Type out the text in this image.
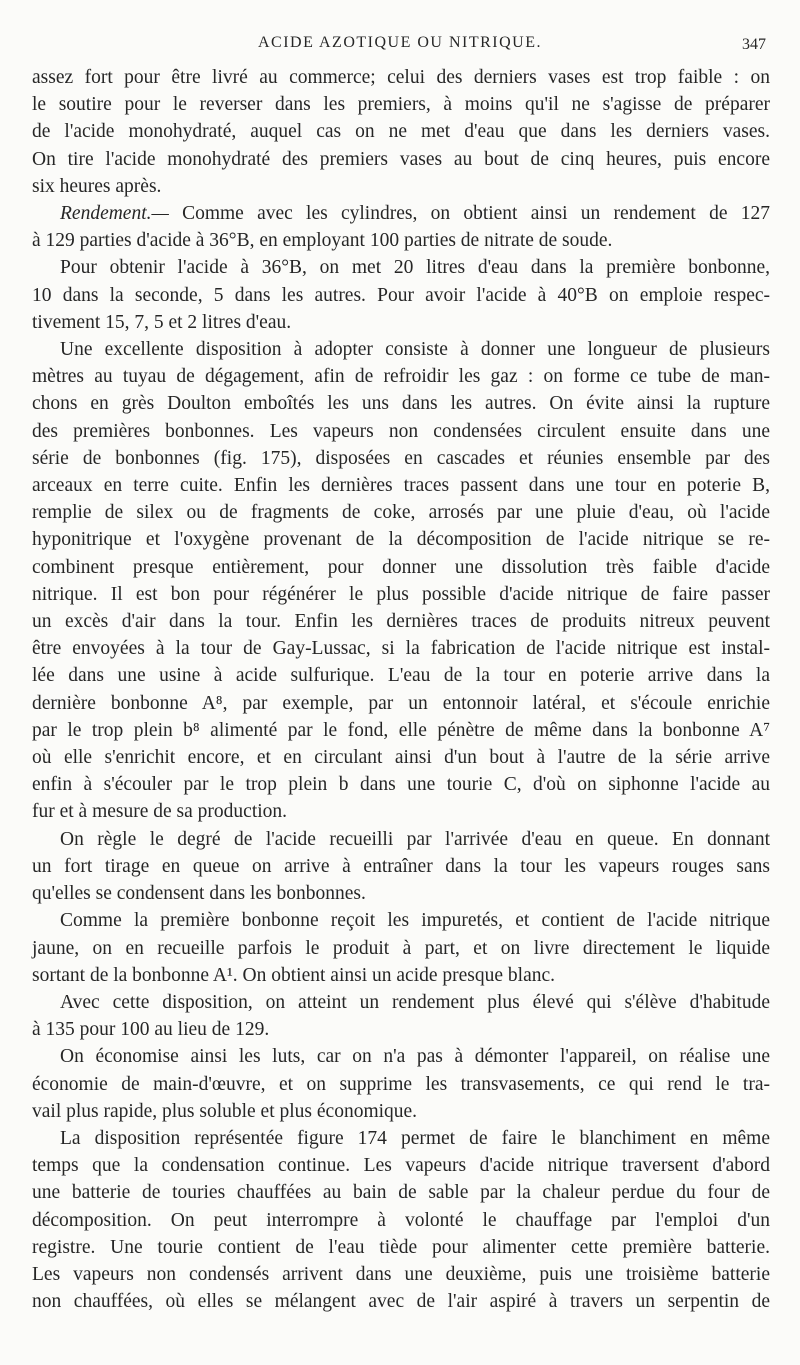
ACIDE AZOTIQUE OU NITRIQUE.	347
assez fort pour être livré au commerce; celui des derniers vases est trop faible : on
le soutire pour le reverser dans les premiers, à moins qu'il ne s'agisse de préparer
de l'acide monohydraté, auquel cas on ne met d'eau que dans les derniers vases.
On tire l'acide monohydraté des premiers vases au bout de cinq heures, puis encore
six heures après.
Rendement.— Comme avec les cylindres, on obtient ainsi un rendement de 127
à 129 parties d'acide à 36°B, en employant 100 parties de nitrate de soude.
Pour obtenir l'acide à 36°B, on met 20 litres d'eau dans la première bonbonne,
10 dans la seconde, 5 dans les autres. Pour avoir l'acide à 40°B on emploie respec-
tivement 15, 7, 5 et 2 litres d'eau.
Une excellente disposition à adopter consiste à donner une longueur de plusieurs
mètres au tuyau de dégagement, afin de refroidir les gaz : on forme ce tube de man-
chons en grès Doulton emboîtés les uns dans les autres. On évite ainsi la rupture
des premières bonbonnes. Les vapeurs non condensées circulent ensuite dans une
série de bonbonnes (fig. 175), disposées en cascades et réunies ensemble par des
arceaux en terre cuite. Enfin les dernières traces passent dans une tour en poterie B,
remplie de silex ou de fragments de coke, arrosés par une pluie d'eau, où l'acide
hyponitrique et l'oxygène provenant de la décomposition de l'acide nitrique se re-
combinent presque entièrement, pour donner une dissolution très faible d'acide
nitrique. Il est bon pour régénérer le plus possible d'acide nitrique de faire passer
un excès d'air dans la tour. Enfin les dernières traces de produits nitreux peuvent
être envoyées à la tour de Gay-Lussac, si la fabrication de l'acide nitrique est instal-
lée dans une usine à acide sulfurique. L'eau de la tour en poterie arrive dans la
dernière bonbonne A⁸, par exemple, par un entonnoir latéral, et s'écoule enrichie
par le trop plein b⁸ alimenté par le fond, elle pénètre de même dans la bonbonne A⁷
où elle s'enrichit encore, et en circulant ainsi d'un bout à l'autre de la série arrive
enfin à s'écouler par le trop plein b dans une tourie C, d'où on siphonne l'acide au
fur et à mesure de sa production.
On règle le degré de l'acide recueilli par l'arrivée d'eau en queue. En donnant
un fort tirage en queue on arrive à entraîner dans la tour les vapeurs rouges sans
qu'elles se condensent dans les bonbonnes.
Comme la première bonbonne reçoit les impuretés, et contient de l'acide nitrique
jaune, on en recueille parfois le produit à part, et on livre directement le liquide
sortant de la bonbonne A¹. On obtient ainsi un acide presque blanc.
Avec cette disposition, on atteint un rendement plus élevé qui s'élève d'habitude
à 135 pour 100 au lieu de 129.
On économise ainsi les luts, car on n'a pas à démonter l'appareil, on réalise une
économie de main-d'œuvre, et on supprime les transvasements, ce qui rend le tra-
vail plus rapide, plus soluble et plus économique.
La disposition représentée figure 174 permet de faire le blanchiment en même
temps que la condensation continue. Les vapeurs d'acide nitrique traversent d'abord
une batterie de touries chauffées au bain de sable par la chaleur perdue du four de
décomposition. On peut interrompre à volonté le chauffage par l'emploi d'un
registre. Une tourie contient de l'eau tiède pour alimenter cette première batterie.
Les vapeurs non condensés arrivent dans une deuxième, puis une troisième batterie
non chauffées, où elles se mélangent avec de l'air aspiré à travers un serpentin de
